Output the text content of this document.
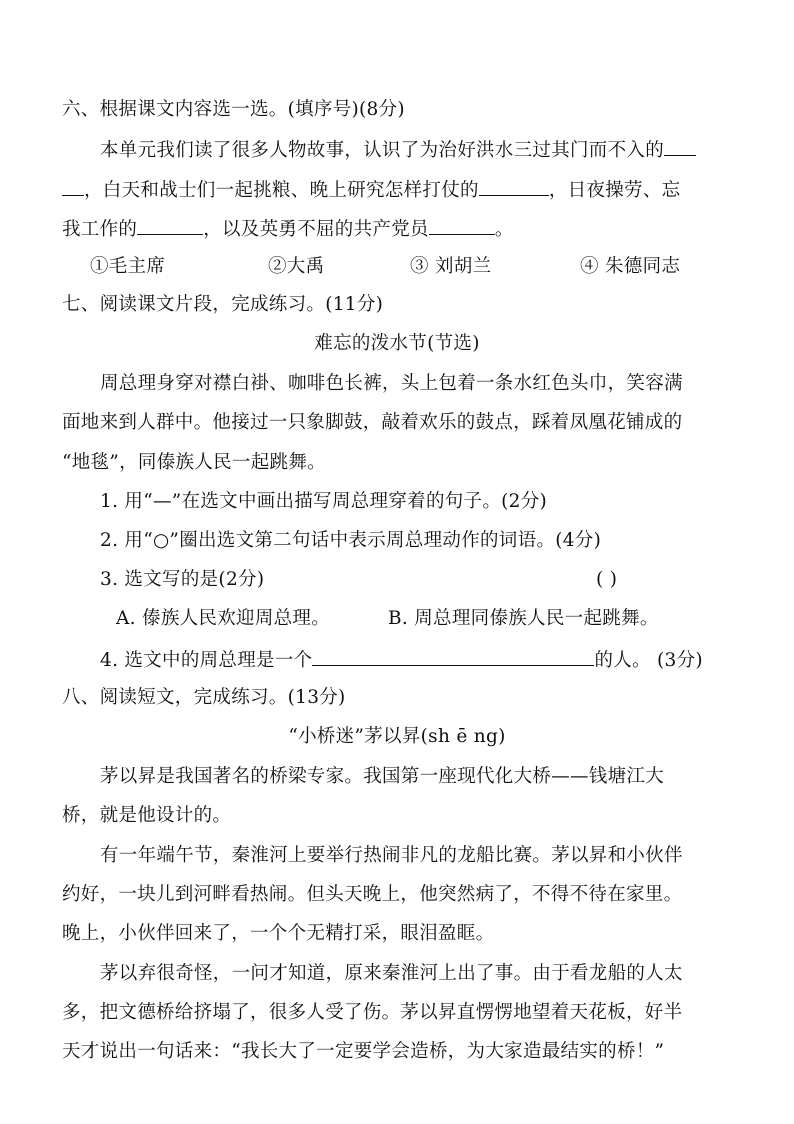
六、根据课文内容选一选。(填序号)(8分)
本单元我们读了很多人物故事，认识了为治好洪水三过其门而不入的
，白天和战士们一起挑粮、晚上研究怎样打仗的	，日夜操劳、忘
我工作的	，以及英勇不屈的共产党员	。
①毛主席	②大禹	③ 刘胡兰	④ 朱德同志
七、阅读课文片段，完成练习。(11分)
难忘的泼水节(节选)
周总理身穿对襟白褂、咖啡色长裤，头上包着一条水红色头巾，笑容满
面地来到人群中。他接过一只象脚鼓，敲着欢乐的鼓点，踩着凤凰花铺成的
“地毯”，同傣族人民一起跳舞。
1. 用“—”在选文中画出描写周总理穿着的句子。(2分)
2. 用“○”圈出选文第二句话中表示周总理动作的词语。(4分)
3. 选文写的是(2分)	( )
A. 傣族人民欢迎周总理。	B. 周总理同傣族人民一起跳舞。
4. 选文中的周总理是一个	的人。 (3分)
八、阅读短文，完成练习。(13分)
“小桥迷”茅以昇(sh ē ng)
茅以昇是我国著名的桥梁专家。我国第一座现代化大桥——钱塘江大
桥，就是他设计的。
有一年端午节，秦淮河上要举行热闹非凡的龙船比赛。茅以昇和小伙伴
约好，一块儿到河畔看热闹。但头天晚上，他突然病了，不得不待在家里。
晚上，小伙伴回来了，一个个无精打采，眼泪盈眶。
茅以弃很奇怪，一问才知道，原来秦淮河上出了事。由于看龙船的人太
多，把文德桥给挤塌了，很多人受了伤。茅以昇直愣愣地望着天花板，好半
天才说出一句话来：“我长大了一定要学会造桥，为大家造最结实的桥！”
